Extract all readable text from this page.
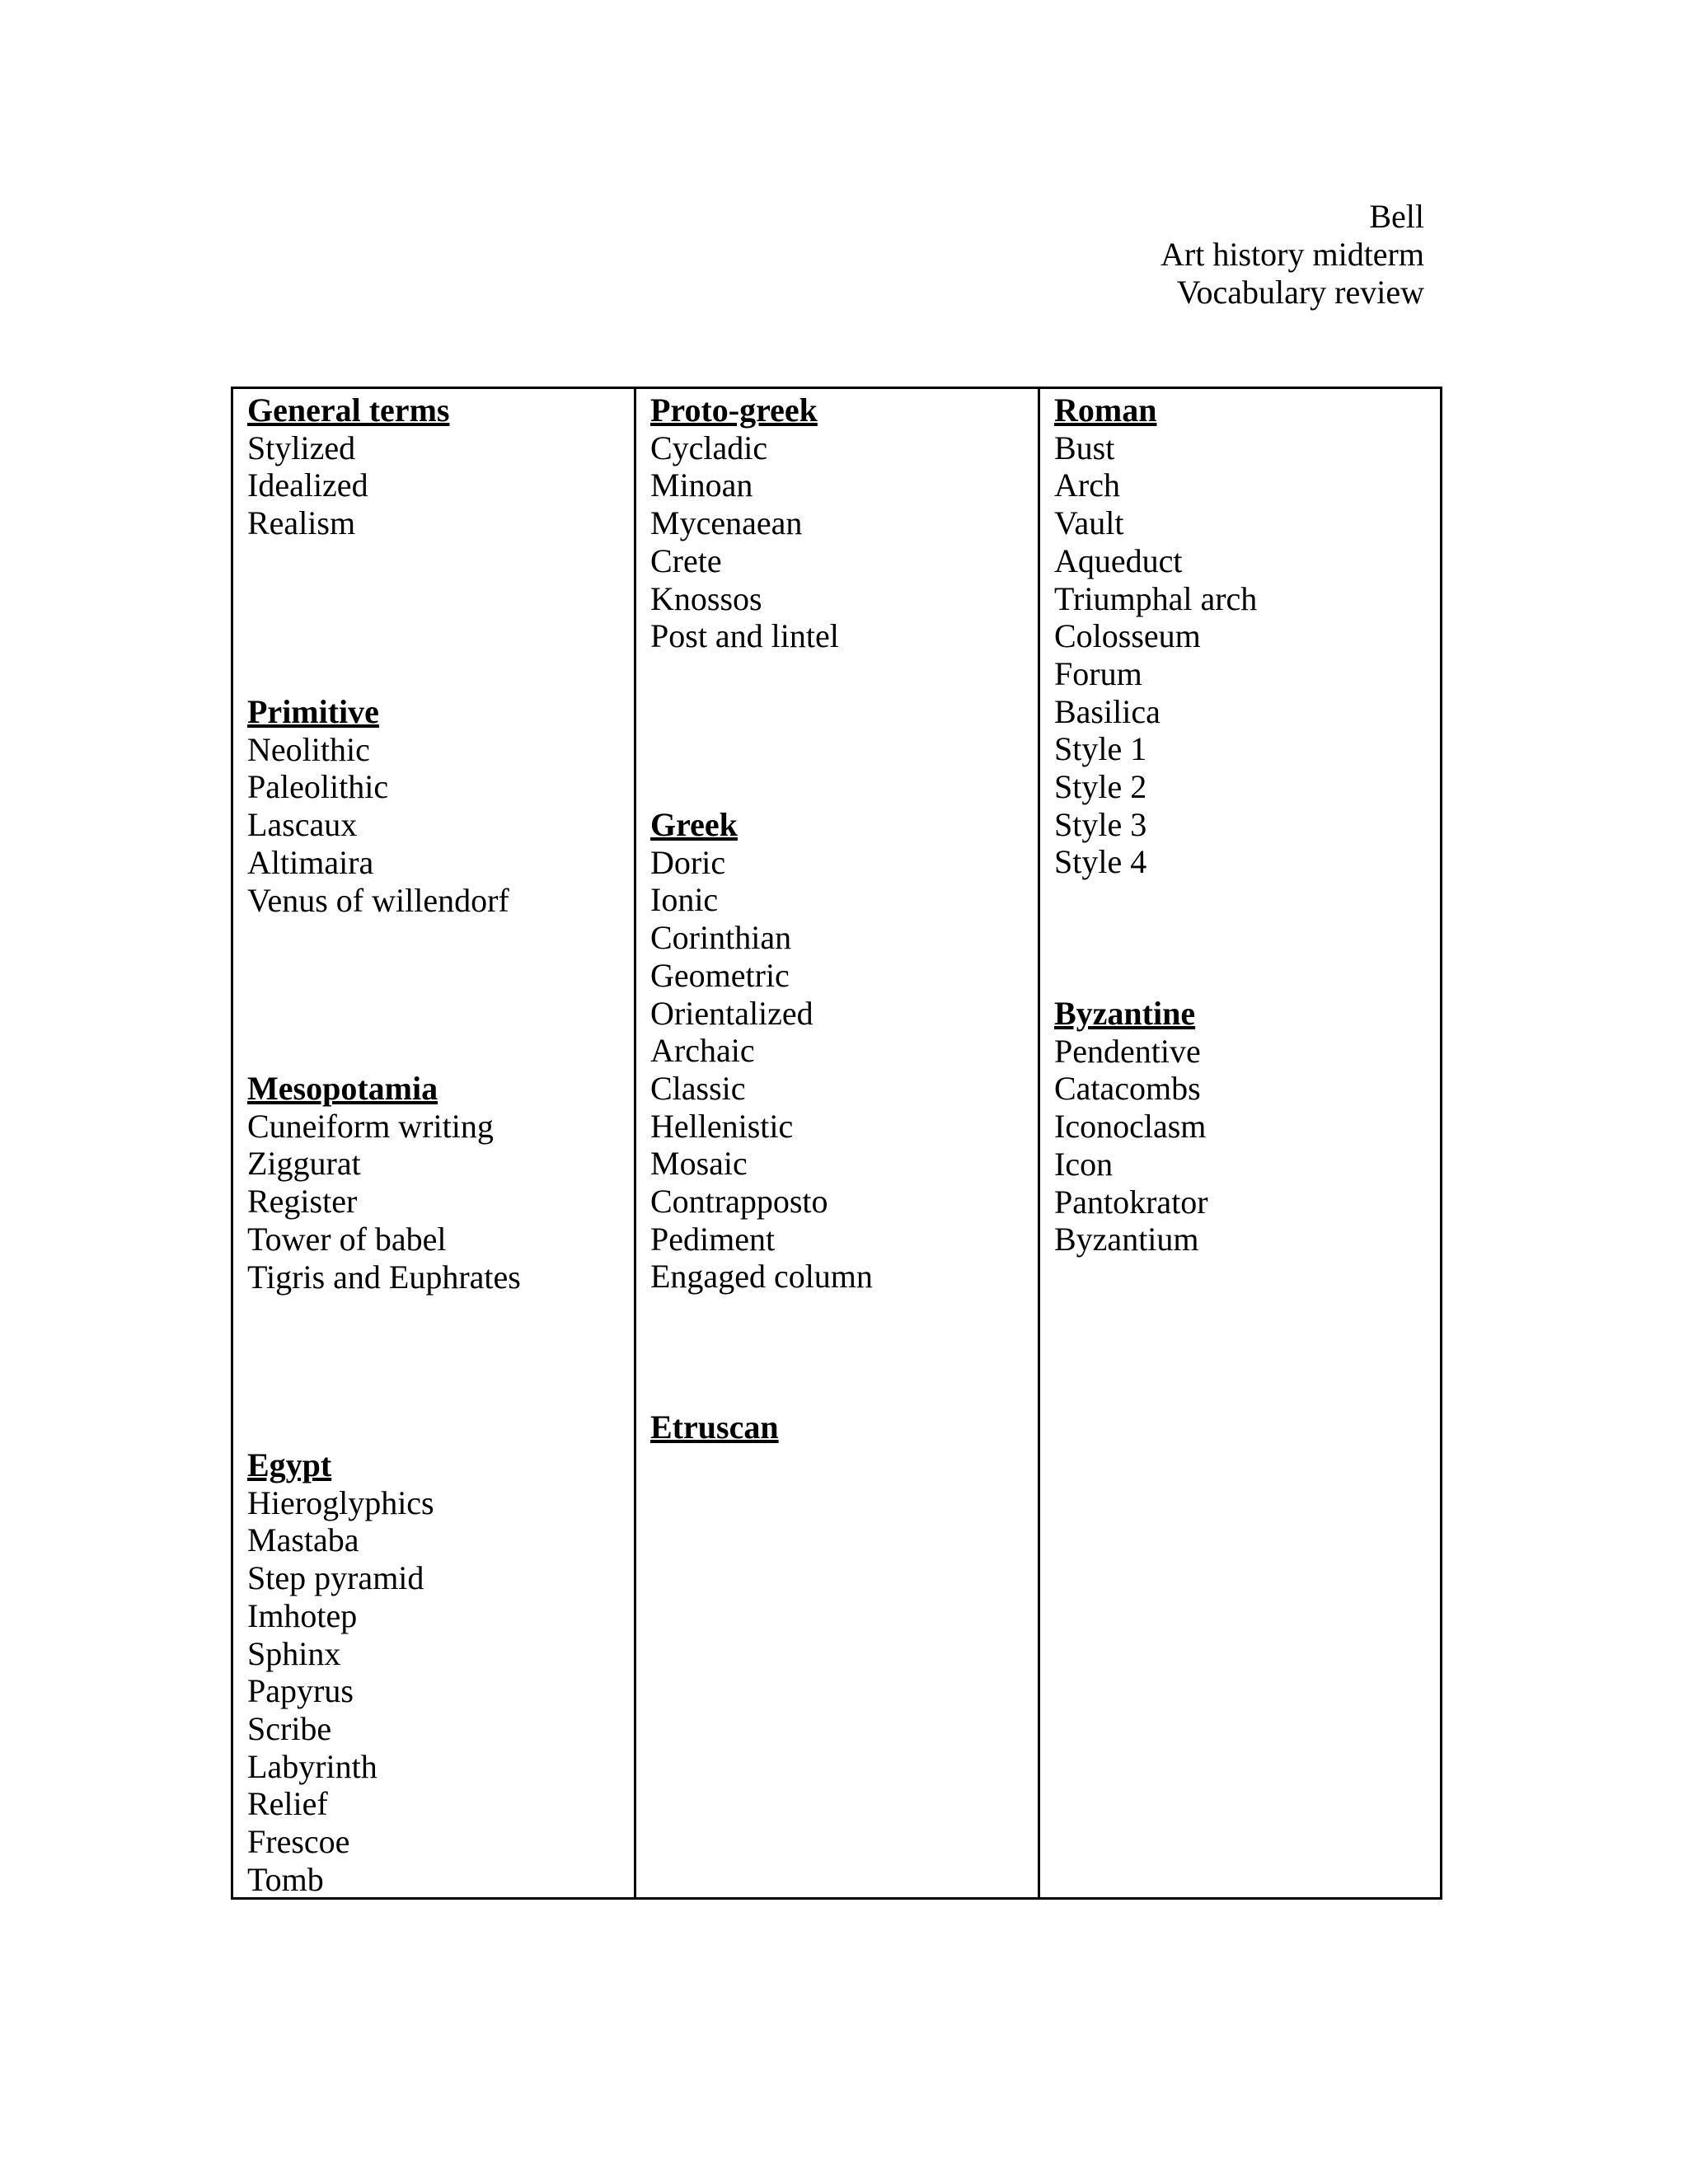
Bell
Art history midterm
Vocabulary review
General terms
Stylized
Idealized
Realism
Primitive
Neolithic
Paleolithic
Lascaux
Altimaira
Venus of willendorf
Mesopotamia
Cuneiform writing
Ziggurat
Register
Tower of babel
Tigris and Euphrates
Egypt
Hieroglyphics
Mastaba
Step pyramid
Imhotep
Sphinx
Papyrus
Scribe
Labyrinth
Relief
Frescoe
Tomb
Proto-greek
Cycladic
Minoan
Mycenaean
Crete
Knossos
Post and lintel
Greek
Doric
Ionic
Corinthian
Geometric
Orientalized
Archaic
Classic
Hellenistic
Mosaic
Contrapposto
Pediment
Engaged column
Etruscan
Roman
Bust
Arch
Vault
Aqueduct
Triumphal arch
Colosseum
Forum
Basilica
Style 1
Style 2
Style 3
Style 4
Byzantine
Pendentive
Catacombs
Iconoclasm
Icon
Pantokrator
Byzantium
